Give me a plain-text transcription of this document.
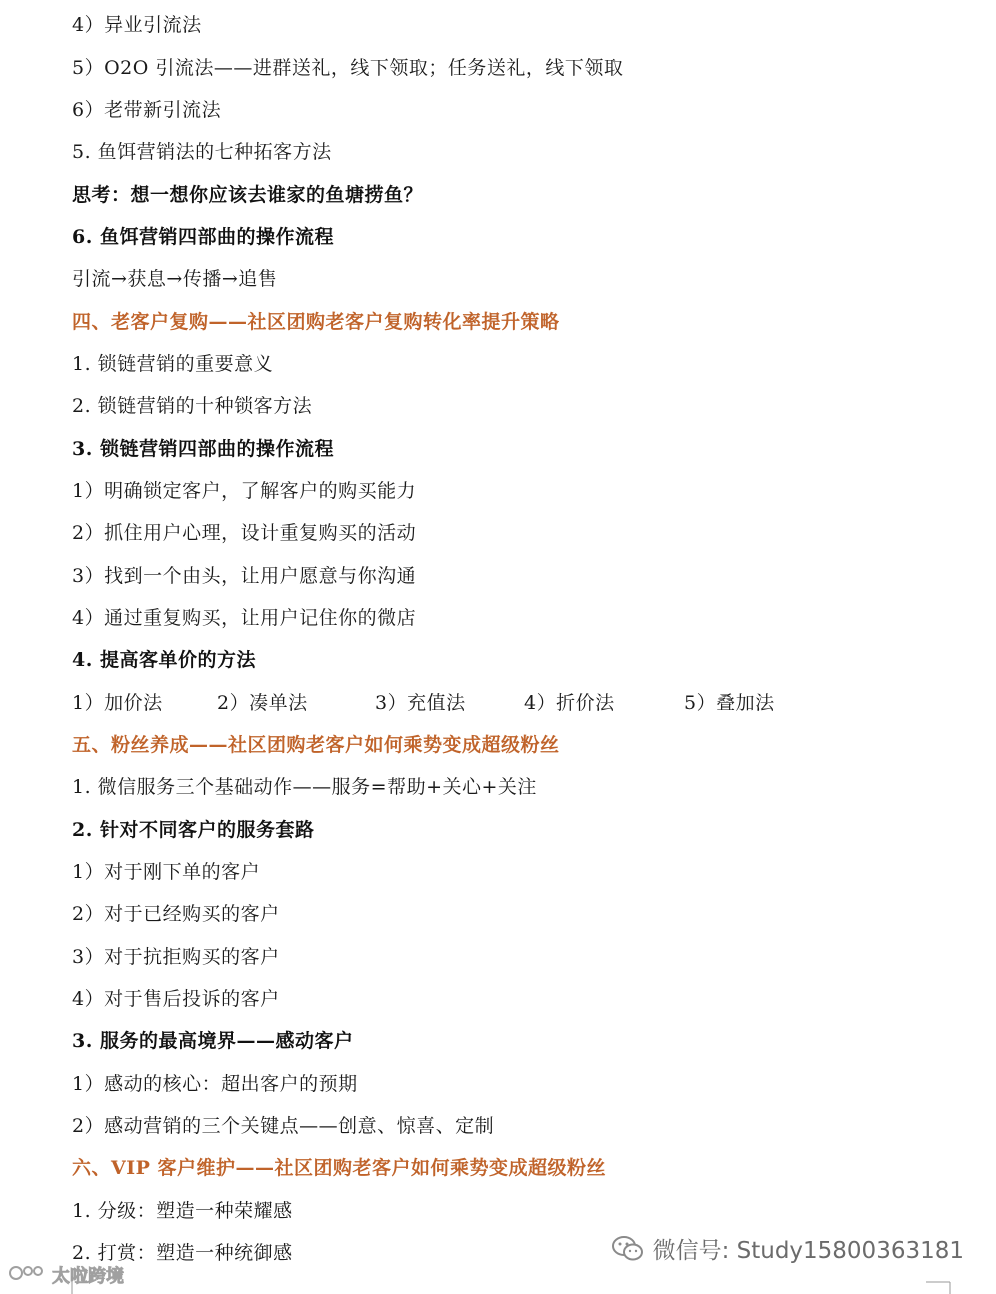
4）异业引流法
5）O2O 引流法——进群送礼，线下领取；任务送礼，线下领取
6）老带新引流法
5. 鱼饵营销法的七种拓客方法
思考：想一想你应该去谁家的鱼塘捞鱼？
6. 鱼饵营销四部曲的操作流程
引流→获息→传播→追售
四、老客户复购——社区团购老客户复购转化率提升策略
1. 锁链营销的重要意义
2. 锁链营销的十种锁客方法
3. 锁链营销四部曲的操作流程
1）明确锁定客户，了解客户的购买能力
2）抓住用户心理，设计重复购买的活动
3）找到一个由头，让用户愿意与你沟通
4）通过重复购买，让用户记住你的微店
4. 提高客单价的方法
1）加价法	2）凑单法	3）充值法	4）折价法	5）叠加法
五、粉丝养成——社区团购老客户如何乘势变成超级粉丝
1. 微信服务三个基础动作——服务=帮助+关心+关注
2. 针对不同客户的服务套路
1）对于刚下单的客户
2）对于已经购买的客户
3）对于抗拒购买的客户
4）对于售后投诉的客户
3. 服务的最高境界——感动客户
1）感动的核心：超出客户的预期
2）感动营销的三个关键点——创意、惊喜、定制
六、VIP 客户维护——社区团购老客户如何乘势变成超级粉丝
1. 分级：塑造一种荣耀感
2. 打赏：塑造一种统御感	微信号: Study15800363181
太啦跨境
